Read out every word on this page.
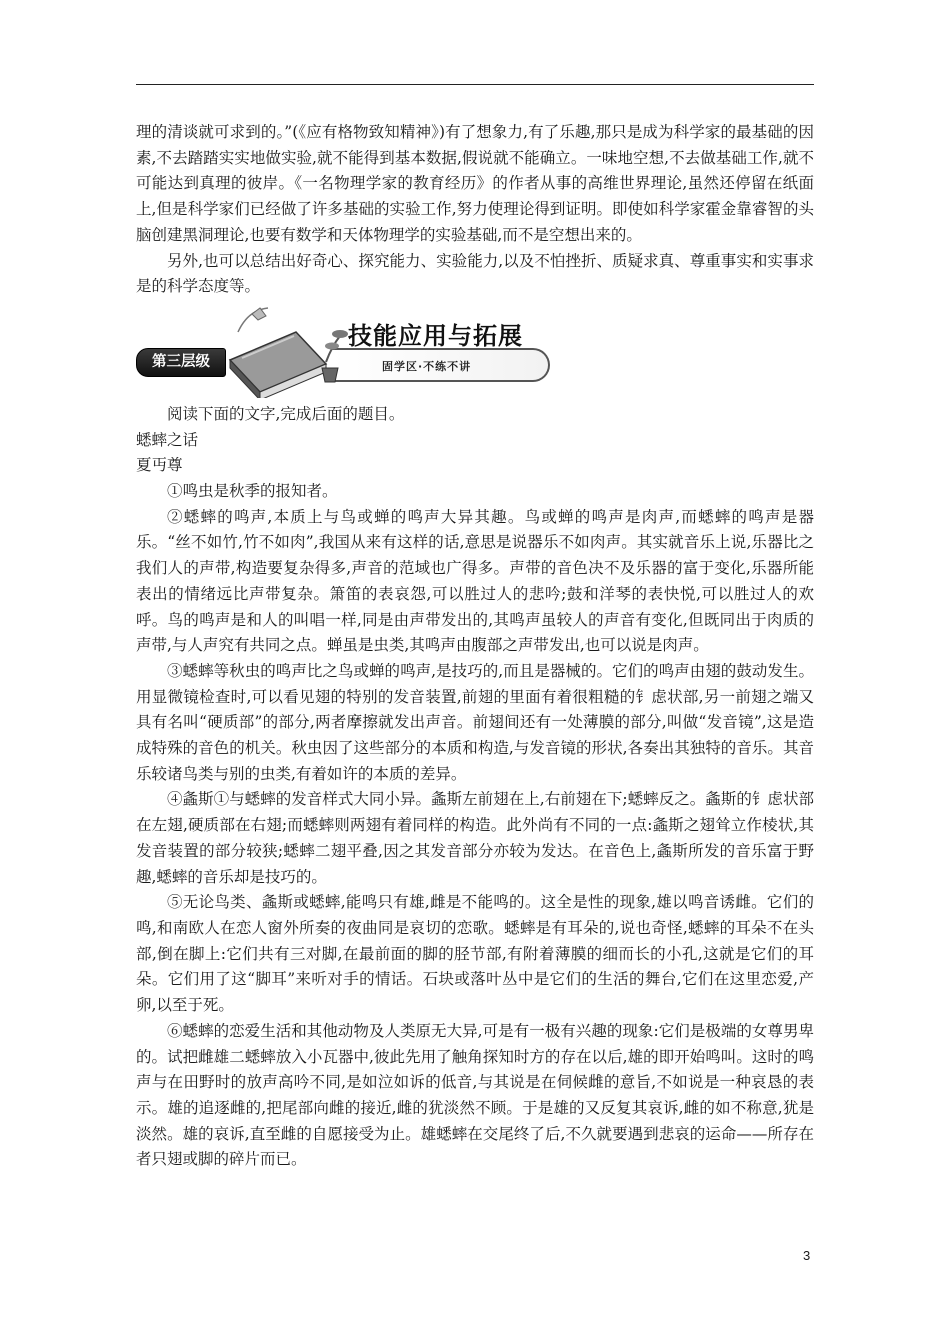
理的清谈就可求到的。”(《应有格物致知精神》)有了想象力,有了乐趣,那只是成为科学家的最基础的因素,不去踏踏实实地做实验,就不能得到基本数据,假说就不能确立。一味地空想,不去做基础工作,就不可能达到真理的彼岸。《一名物理学家的教育经历》的作者从事的高维世界理论,虽然还停留在纸面上,但是科学家们已经做了许多基础的实验工作,努力使理论得到证明。即使如科学家霍金靠睿智的头脑创建黑洞理论,也要有数学和天体物理学的实验基础,而不是空想出来的。

另外,也可以总结出好奇心、探究能力、实验能力,以及不怕挫折、质疑求真、尊重事实和实事求是的科学态度等。

第三层级
技能应用与拓展
固学区·不练不讲

阅读下面的文字,完成后面的题目。

蟋蟀之话

夏丏尊

①鸣虫是秋季的报知者。

②蟋蟀的鸣声,本质上与鸟或蝉的鸣声大异其趣。鸟或蝉的鸣声是肉声,而蟋蟀的鸣声是器乐。“丝不如竹,竹不如肉”,我国从来有这样的话,意思是说器乐不如肉声。其实就音乐上说,乐器比之我们人的声带,构造要复杂得多,声音的范域也广得多。声带的音色决不及乐器的富于变化,乐器所能表出的情绪远比声带复杂。箫笛的表哀怨,可以胜过人的悲吟;鼓和洋琴的表快悦,可以胜过人的欢呼。鸟的鸣声是和人的叫唱一样,同是由声带发出的,其鸣声虽较人的声音有变化,但既同出于肉质的声带,与人声究有共同之点。蝉虽是虫类,其鸣声由腹部之声带发出,也可以说是肉声。

③蟋蟀等秋虫的鸣声比之鸟或蝉的鸣声,是技巧的,而且是器械的。它们的鸣声由翅的鼓动发生。用显微镜检查时,可以看见翅的特别的发音装置,前翅的里面有着很粗糙的钅虑状部,另一前翅之端又具有名叫“硬质部”的部分,两者摩擦就发出声音。前翅间还有一处薄膜的部分,叫做“发音镜”,这是造成特殊的音色的机关。秋虫因了这些部分的本质和构造,与发音镜的形状,各奏出其独特的音乐。其音乐较诸鸟类与别的虫类,有着如许的本质的差异。

④螽斯①与蟋蟀的发音样式大同小异。螽斯左前翅在上,右前翅在下;蟋蟀反之。螽斯的钅虑状部在左翅,硬质部在右翅;而蟋蟀则两翅有着同样的构造。此外尚有不同的一点:螽斯之翅耸立作棱状,其发音装置的部分较狭;蟋蟀二翅平叠,因之其发音部分亦较为发达。在音色上,螽斯所发的音乐富于野趣,蟋蟀的音乐却是技巧的。

⑤无论鸟类、螽斯或蟋蟀,能鸣只有雄,雌是不能鸣的。这全是性的现象,雄以鸣音诱雌。它们的鸣,和南欧人在恋人窗外所奏的夜曲同是哀切的恋歌。蟋蟀是有耳朵的,说也奇怪,蟋蟀的耳朵不在头部,倒在脚上:它们共有三对脚,在最前面的脚的胫节部,有附着薄膜的细而长的小孔,这就是它们的耳朵。它们用了这“脚耳”来听对手的情话。石块或落叶丛中是它们的生活的舞台,它们在这里恋爱,产卵,以至于死。

⑥蟋蟀的恋爱生活和其他动物及人类原无大异,可是有一极有兴趣的现象:它们是极端的女尊男卑的。试把雌雄二蟋蟀放入小瓦器中,彼此先用了触角探知时方的存在以后,雄的即开始鸣叫。这时的鸣声与在田野时的放声高吟不同,是如泣如诉的低音,与其说是在伺候雌的意旨,不如说是一种哀恳的表示。雄的追逐雌的,把尾部向雌的接近,雌的犹淡然不顾。于是雄的又反复其哀诉,雌的如不称意,犹是淡然。雄的哀诉,直至雌的自愿接受为止。雄蟋蟀在交尾终了后,不久就要遇到悲哀的运命——所存在者只翅或脚的碎片而已。

3
